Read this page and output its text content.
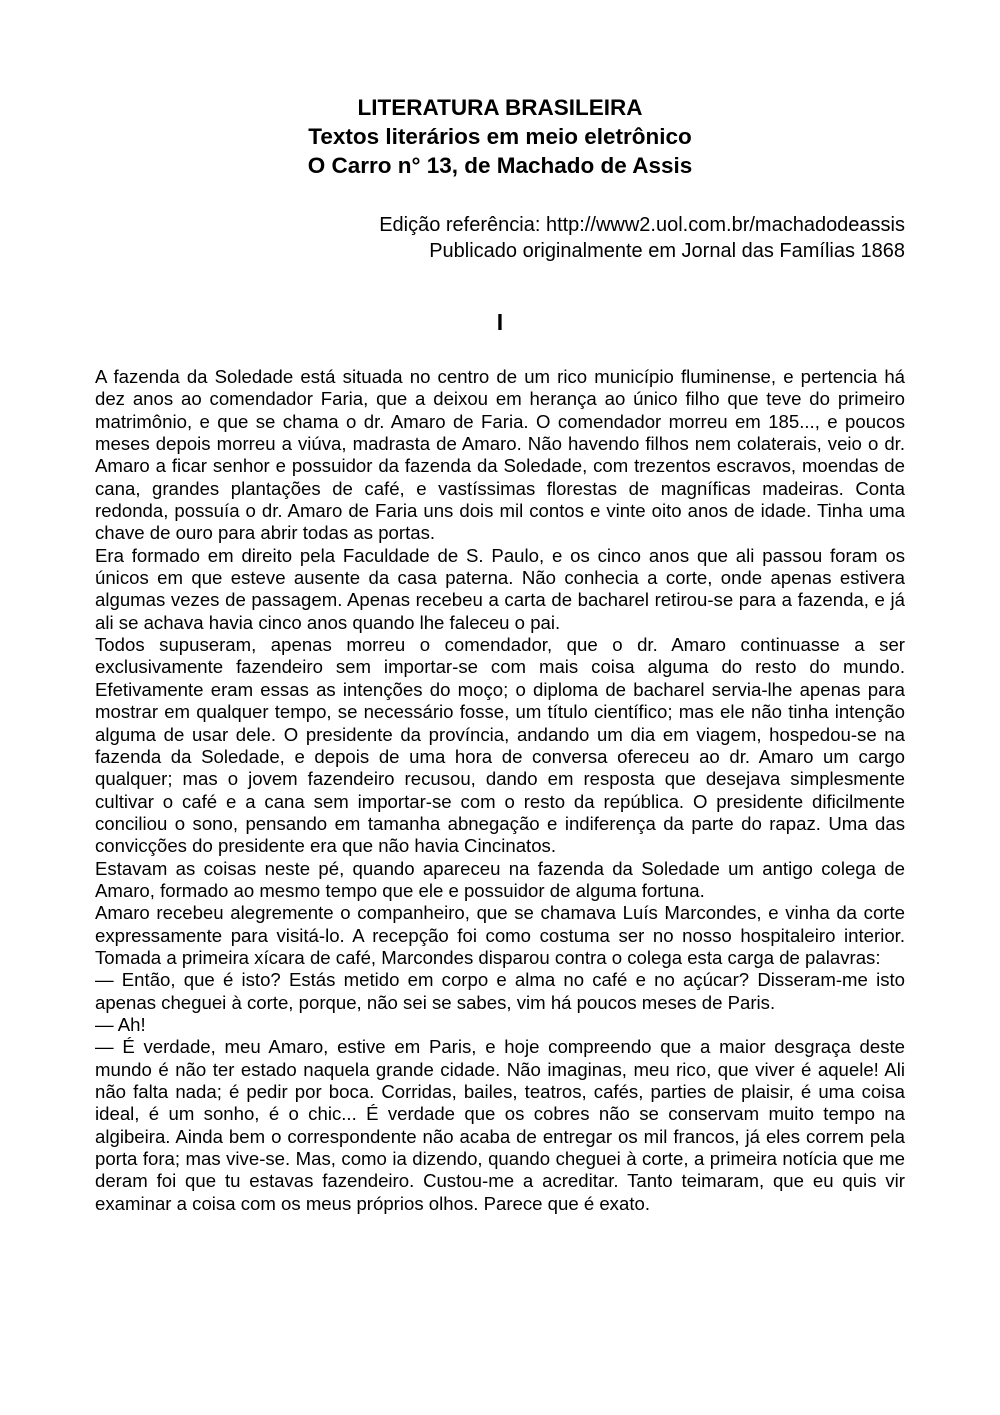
LITERATURA BRASILEIRA
Textos literários em meio eletrônico
O Carro n° 13, de Machado de Assis
Edição referência: http://www2.uol.com.br/machadodeassis
Publicado originalmente em Jornal das Famílias 1868
I

A fazenda da Soledade está situada no centro de um rico município fluminense, e pertencia há dez anos ao comendador Faria, que a deixou em herança ao único filho que teve do primeiro matrimônio, e que se chama o dr. Amaro de Faria. O comendador morreu em 185..., e poucos meses depois morreu a viúva, madrasta de Amaro. Não havendo filhos nem colaterais, veio o dr. Amaro a ficar senhor e possuidor da fazenda da Soledade, com trezentos escravos, moendas de cana, grandes plantações de café, e vastíssimas florestas de magníficas madeiras. Conta redonda, possuía o dr. Amaro de Faria uns dois mil contos e vinte oito anos de idade. Tinha uma chave de ouro para abrir todas as portas.

Era formado em direito pela Faculdade de S. Paulo, e os cinco anos que ali passou foram os únicos em que esteve ausente da casa paterna. Não conhecia a corte, onde apenas estivera algumas vezes de passagem. Apenas recebeu a carta de bacharel retirou-se para a fazenda, e já ali se achava havia cinco anos quando lhe faleceu o pai.

Todos supuseram, apenas morreu o comendador, que o dr. Amaro continuasse a ser exclusivamente fazendeiro sem importar-se com mais coisa alguma do resto do mundo. Efetivamente eram essas as intenções do moço; o diploma de bacharel servia-lhe apenas para mostrar em qualquer tempo, se necessário fosse, um título científico; mas ele não tinha intenção alguma de usar dele. O presidente da província, andando um dia em viagem, hospedou-se na fazenda da Soledade, e depois de uma hora de conversa ofereceu ao dr. Amaro um cargo qualquer; mas o jovem fazendeiro recusou, dando em resposta que desejava simplesmente cultivar o café e a cana sem importar-se com o resto da república. O presidente dificilmente conciliou o sono, pensando em tamanha abnegação e indiferença da parte do rapaz. Uma das convicções do presidente era que não havia Cincinatos.

Estavam as coisas neste pé, quando apareceu na fazenda da Soledade um antigo colega de Amaro, formado ao mesmo tempo que ele e possuidor de alguma fortuna.

Amaro recebeu alegremente o companheiro, que se chamava Luís Marcondes, e vinha da corte expressamente para visitá-lo. A recepção foi como costuma ser no nosso hospitaleiro interior. Tomada a primeira xícara de café, Marcondes disparou contra o colega esta carga de palavras:

— Então, que é isto? Estás metido em corpo e alma no café e no açúcar? Disseram-me isto apenas cheguei à corte, porque, não sei se sabes, vim há poucos meses de Paris.

— Ah!

— É verdade, meu Amaro, estive em Paris, e hoje compreendo que a maior desgraça deste mundo é não ter estado naquela grande cidade. Não imaginas, meu rico, que viver é aquele! Ali não falta nada; é pedir por boca. Corridas, bailes, teatros, cafés, parties de plaisir, é uma coisa ideal, é um sonho, é o chic... É verdade que os cobres não se conservam muito tempo na algibeira. Ainda bem o correspondente não acaba de entregar os mil francos, já eles correm pela porta fora; mas vive-se. Mas, como ia dizendo, quando cheguei à corte, a primeira notícia que me deram foi que tu estavas fazendeiro. Custou-me a acreditar. Tanto teimaram, que eu quis vir examinar a coisa com os meus próprios olhos. Parece que é exato.
